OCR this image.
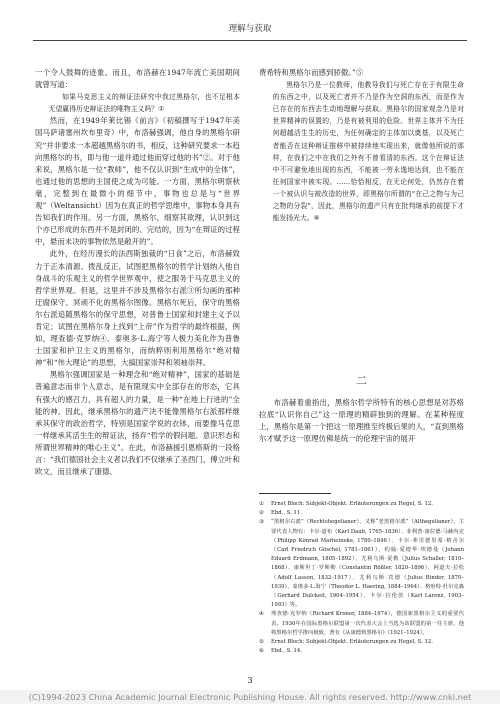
理解与获取

一个令人鼓舞的迹象。而且，布洛赫在1947年流亡美国期间就曾写道：

如果马克思主义的辩证法研究中我过黑格尔，也不足根本无望赢得历史辩证法的唯物主义吗？①

然而，在1949年莱比锡《前言》（初稿撰写于1947年美国马萨诸塞州坎布里奇）中，布洛赫强调，他自身的黑格尔研究“并非要求一本超越黑格尔的书，相反，这种研究要求一本趋向黑格尔的书，即与他一道并通过他而穿过他的书”②。对于他来说，黑格尔是一位“教师”，他不仅认识到“生成中的全体”，也通过他的思想的主国使之成为可能。一方面，黑格尔明察秋毫，完整到在最微小的细节中，事物也总是与“世界观”（Weltansicht）因为在真正的哲学思维中，事物本身具有告知我们的作用。另一方面，黑格尔，细察其欲理，认识到这个亦已形成的东西并不是封闭的、完结的，因为“在辩证的过程中，悬而未决的事物依然是敞开的”。

此外，在经历漫长的法西斯独裁的“日食”之后，布洛赫致力于正本清源、拨乱反正，试图把黑格尔的哲学计划纳入他自身战斗的乐观主义的哲学世界观中，使之服务于马克思主义的哲学世界观。但是，这里并不涉及黑格尔右派③所勾画的那种迂腐保守、冥顽不化的黑格尔图像。黑格尔死后，保守的黑格尔右派追随黑格尔的保守思想，对普鲁士国家和封建主义予以肯定；试图在黑格尔身上找到“上帝”作为哲学的最终根据，例如，理查德·克罗纳④、泰奥多·L.海宁等人极力美化作为普鲁士国家和护卫主义的黑格尔，而纳粹则利用黑格尔“绝对精神”和“伟大理论”的思想，大搞国家崇拜和领袖崇拜。

黑格尔强调国家是一种理念和“绝对精神”，国家的基础是普遍意志而非个人意志，是有限现实中全部存在的形态，它具有强大的感召力，具有超人的力量，是一种“在地上行进的”全能的神。因此，继承黑格尔的遗产决不能像黑格尔右派那样继承其保守的政治哲学，特别是国家学说的衣钵，而要像马克思一样继承其活生生的辩证法，扬弃“哲学的假问题、意识形态和所谓世界精神的唯心主义”。在此，布洛赫援引恩格斯的一段格言：“我们德国社会主义者以我们不仅继承了圣西门、傅立叶和欧文，而且继承了康德、

费希特和黑格尔而感到骄傲。”⑤

黑格尔乃是一位教师，他教导我们与死亡存在于有限生命的东西之中，以及死亡者并不乃是作为空洞的东西，而是作为已存在的东西去生动地理解与获取。黑格尔的国家观念乃是对世界精神的误置的，乃是有被利用的危险。世界主体并不为任何超越活生生的历史，为任何确定的主体加以奠基，以及死亡者能否在这种辩证推移中被持续地实现出来，就像他所说的那样，在我们之中在我们之外有不曾看清的东西。这个在辩证法中不可避免地出现的东西，不能被一劳永逸地达到，也不能在任何国家中被实现。……恰恰相反，在无论何处，仍然存在着一个被认识与被改造的世界，即黑格尔所谓的“在己之物与为己之物的分裂”，因此，黑格尔的遗产只有在批判继承的前提下才能发扬光大。⑥

二

布洛赫着重指出，黑格尔哲学所特有的核心思想是对苏格拉底“认识你自己”这一原理的精辟独到的理解。在某种程度上，黑格尔是第一个把这一原理推至终极后果的人，“直到黑格尔才赋予这一原理仿佛是统一的伦理宇宙的展开

① Ernst Bloch: Subjekt-Objekt. Erläuterungen zu Hegel, S. 12.

② Ebd., S. 11.

③ “黑格尔右派”（Rechtshegelianer），又称“老黑格尔派”（Althegelianer），主要代表人物有：卡尔·道布（Karl Daub, 1765–1836）、菲利普·康拉德·马赫内克（Philipp Konrad Marheineke, 1780–1846）、卡尔·弗里德里希·格舍尔（Carl Friedrich Göschel, 1781–1861）、约翰·爱德华·埃德曼（Johann Eduard Erdmann, 1805–1892）、尤利乌斯·夏勒（Julius Schaller, 1810–1868）、康斯坦丁·罗斯勒（Constantin Rößler, 1820–1896）、阿道夫·拉松（Adolf Lasson, 1832–1917）、尤利乌斯·宾德（Julius Binder, 1870–1939）、泰奥多·L.海宁（Theodor L. Haering, 1884–1964）、格哈特·杜尔克森（Gerhard Dulckeit, 1904–1954）、卡尔·拉伦茨（Karl Larenz, 1903–1993）等。

④ 理查德·克罗纳（Richard Kroner, 1884–1974），德国新黑格尔主义的重要代表。1930年在国际黑格尔联盟第一次代表大会上当选为该联盟的第一任主席，他将黑格尔哲学推向极致，著有《从康德到黑格尔》（1921–1924）。

⑤ Ernst Bloch: Subjekt-Objekt. Erläuterungen zu Hegel, S. 12.

⑥ Ebd., S. 14.

3
(C)1994-2023 China Academic Journal Electronic Publishing House. All rights reserved. http://www.cnki.net
